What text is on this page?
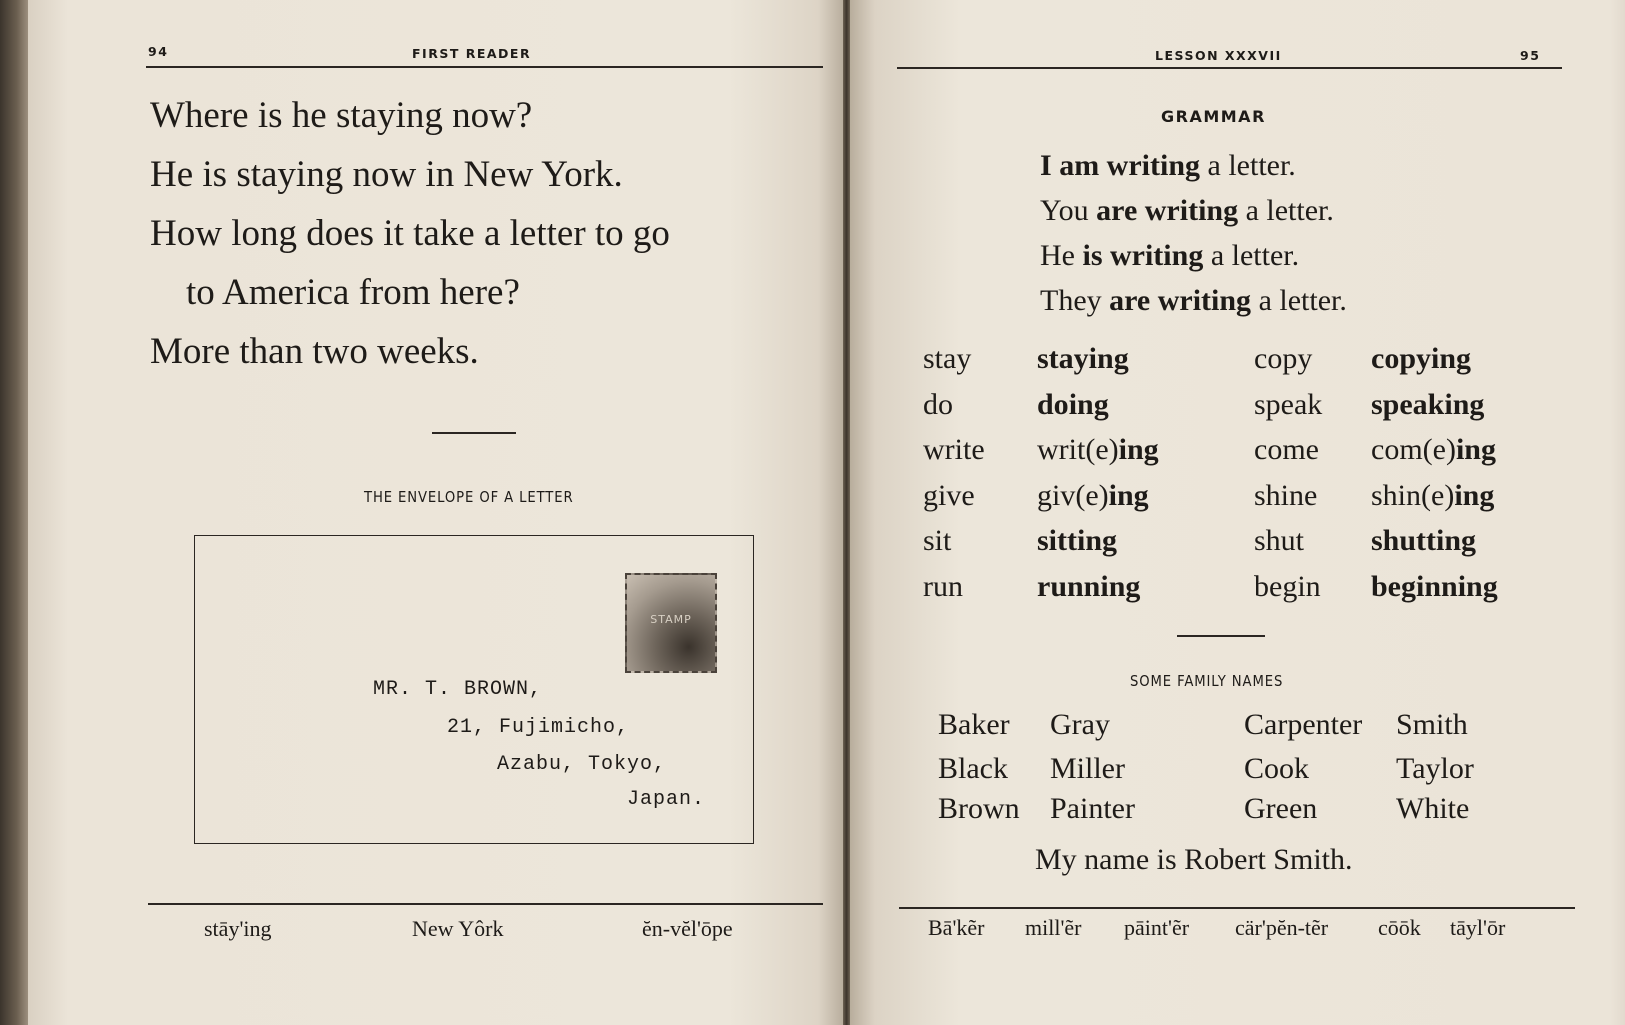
94	FIRST READER
Where is he staying now?
He is staying now in New York.
How long does it take a letter to go
to America from here?
More than two weeks.
THE ENVELOPE OF A LETTER
STAMP
MR. T. BROWN,
21, Fujimicho,
Azabu, Tokyo,
Japan.
stāy'ing	New Yôrk	ĕn-vĕl'ōpe
LESSON XXXVII	95
GRAMMAR
I am writing a letter.
You are writing a letter.
He is writing a letter.
They are writing a letter.
stay staying	copy copying
do	doing	speak speaking
write writ(e)ing	come com(e)ing
give giv(e)ing	shine shin(e)ing
sit	sitting	shut shutting
run running	begin beginning
SOME FAMILY NAMES
Baker Gray	Carpenter Smith
Black Miller	Cook	Taylor
Brown Painter	Green	White
My name is Robert Smith.
Bā'kẽr mill'ẽr pāint'ẽr cär'pĕn-tẽr cōōk tāyl'ōr
